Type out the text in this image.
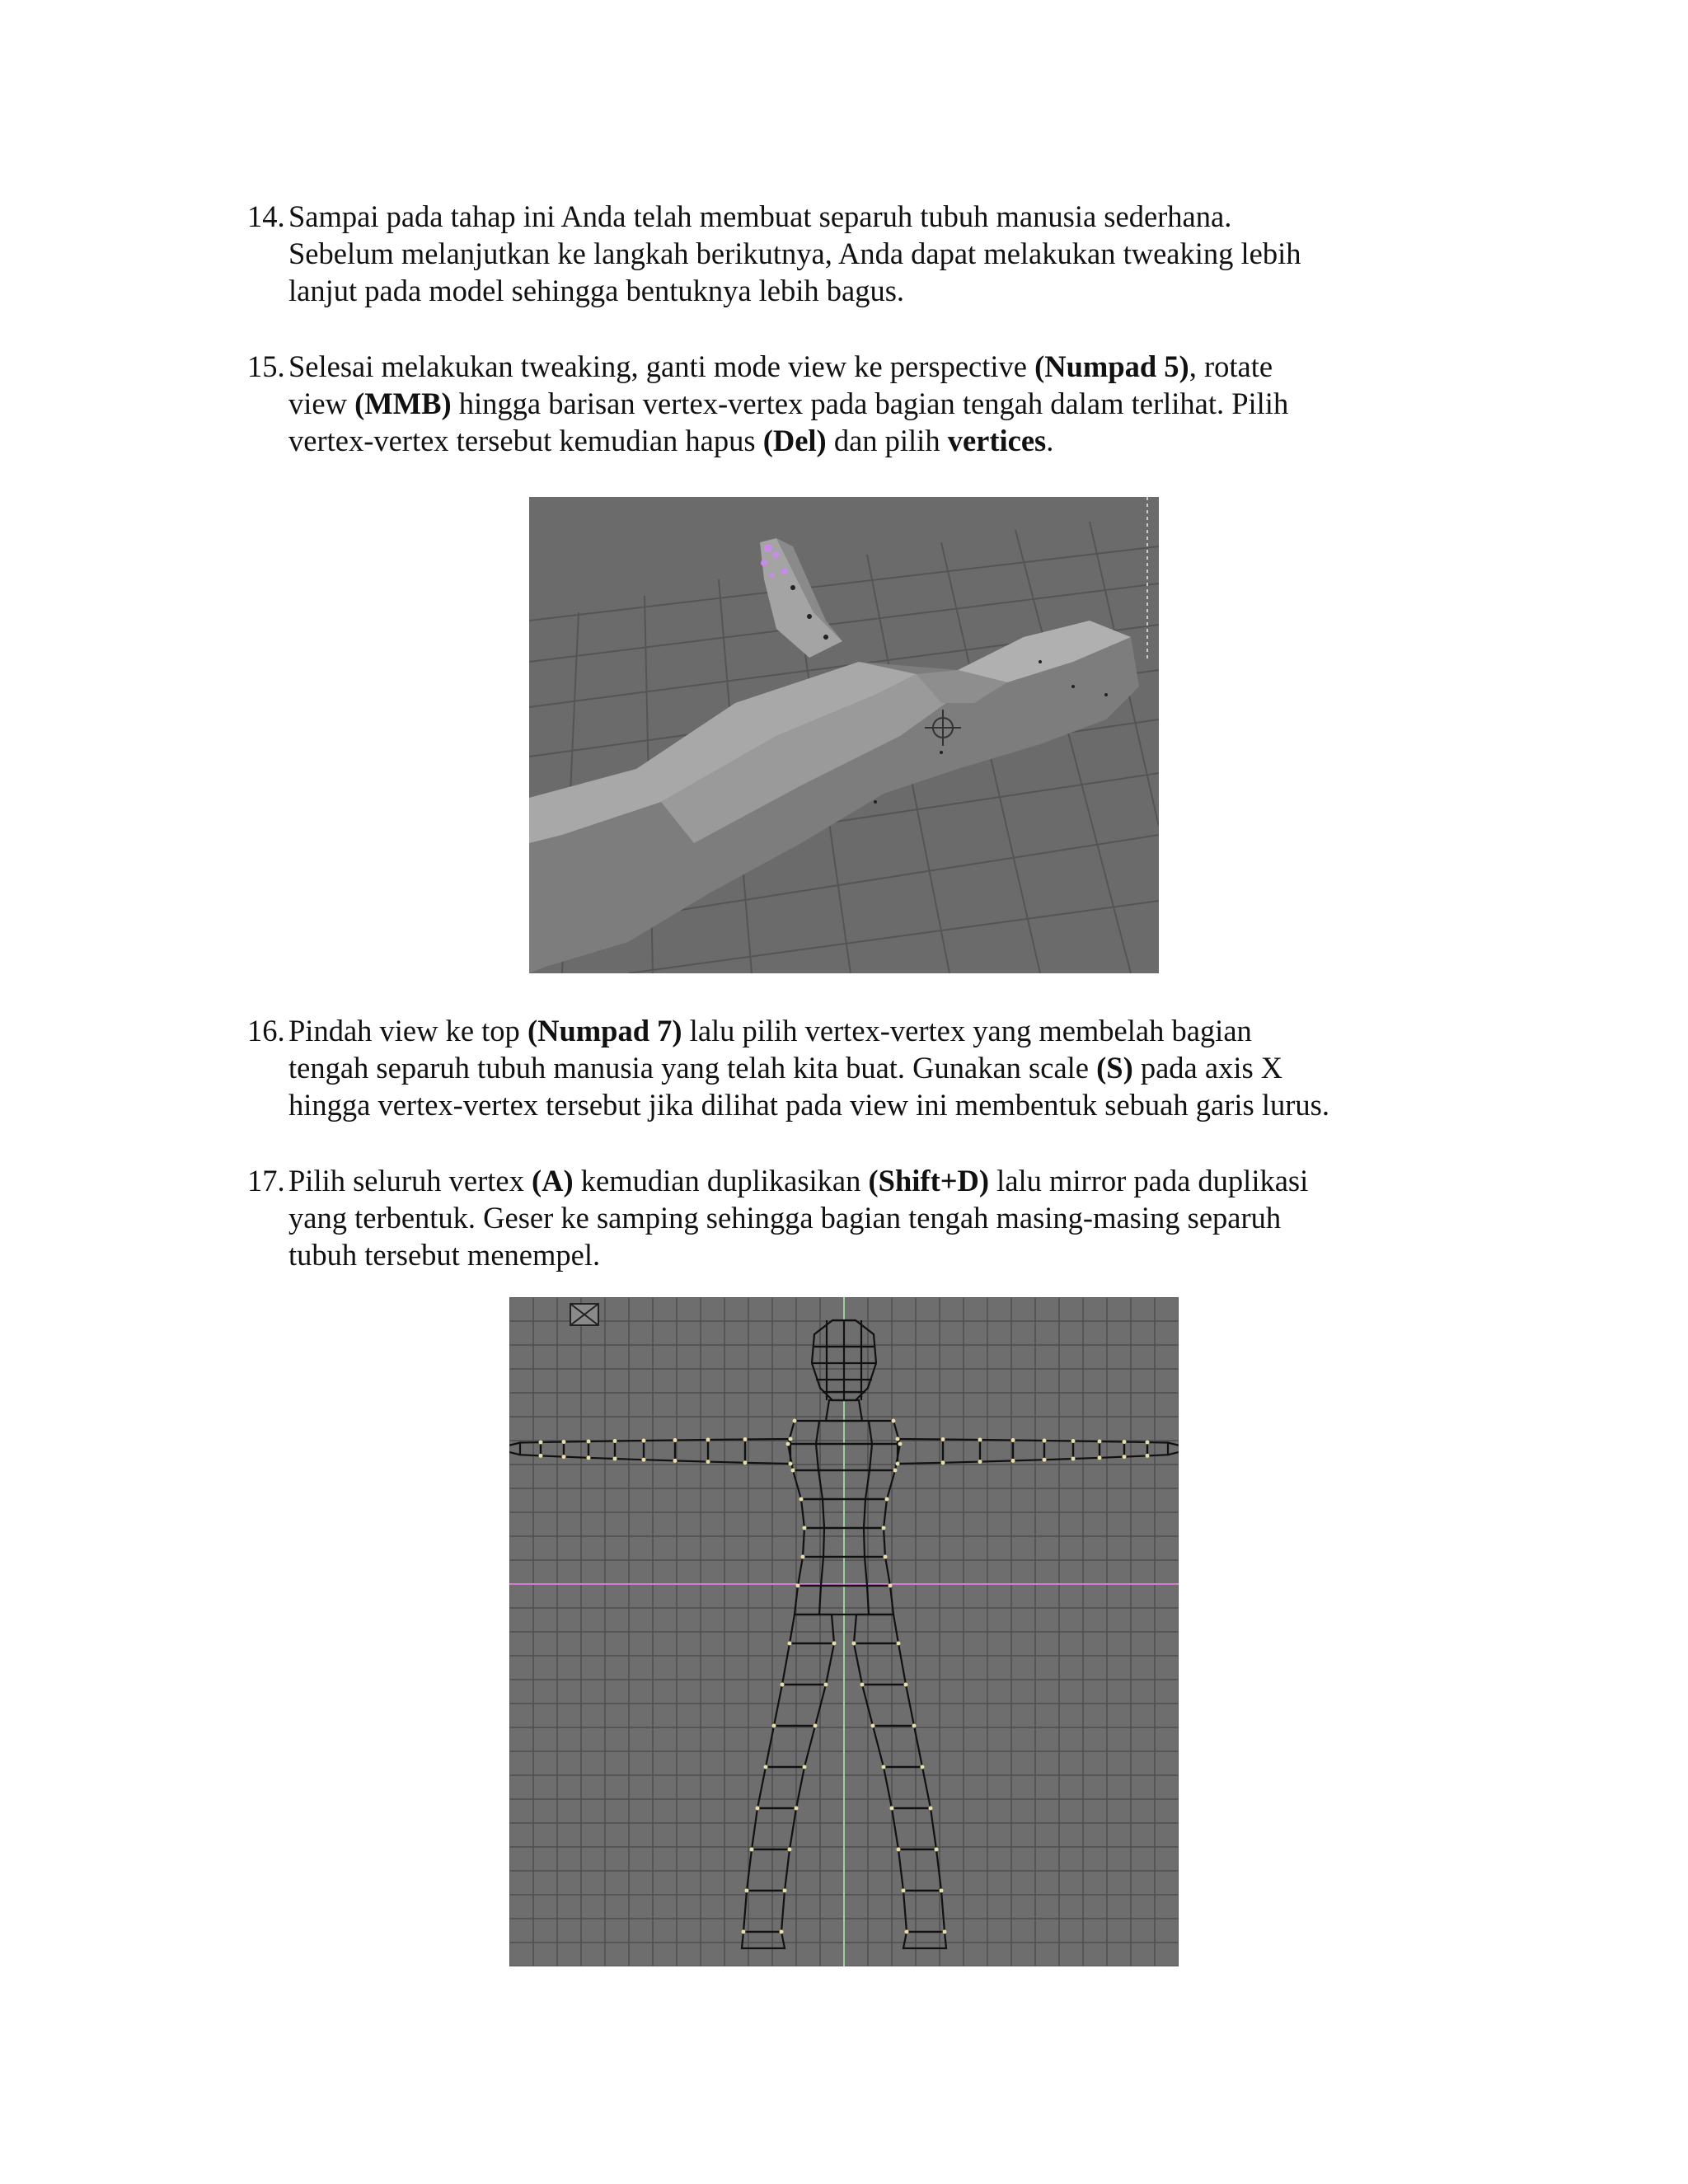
14. Sampai pada tahap ini Anda telah membuat separuh tubuh manusia sederhana.
Sebelum melanjutkan ke langkah berikutnya, Anda dapat melakukan tweaking lebih
lanjut pada model sehingga bentuknya lebih bagus.
15. Selesai melakukan tweaking, ganti mode view ke perspective (Numpad 5), rotate
view (MMB) hingga barisan vertex-vertex pada bagian tengah dalam terlihat. Pilih
vertex-vertex tersebut kemudian hapus (Del) dan pilih vertices.
16. Pindah view ke top (Numpad 7) lalu pilih vertex-vertex yang membelah bagian
tengah separuh tubuh manusia yang telah kita buat. Gunakan scale (S) pada axis X
hingga vertex-vertex tersebut jika dilihat pada view ini membentuk sebuah garis lurus.
17. Pilih seluruh vertex (A) kemudian duplikasikan (Shift+D) lalu mirror pada duplikasi
yang terbentuk. Geser ke samping sehingga bagian tengah masing-masing separuh
tubuh tersebut menempel.
